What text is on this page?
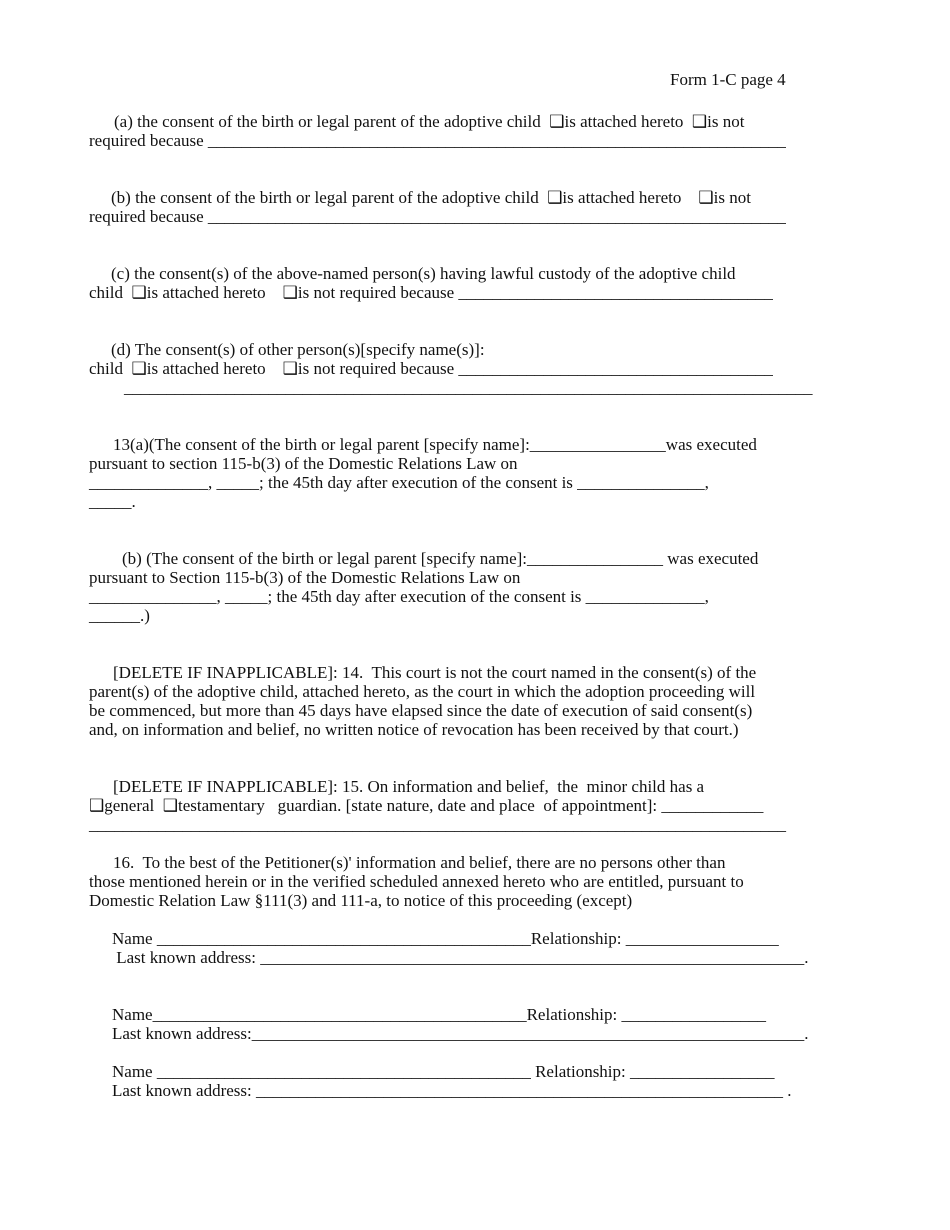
Form 1-C page 4
(a) the consent of the birth or legal parent of the adoptive child  ❑is attached hereto  ❑is not
required because ____________________________________________________________________
(b) the consent of the birth or legal parent of the adoptive child  ❑is attached hereto    ❑is not
required because ____________________________________________________________________
(c) the consent(s) of the above-named person(s) having lawful custody of the adoptive child
child  ❑is attached hereto    ❑is not required because _____________________________________
(d) The consent(s) of other person(s)[specify name(s)]:
child  ❑is attached hereto    ❑is not required because _____________________________________
_________________________________________________________________________________
13(a)(The consent of the birth or legal parent [specify name]:________________was executed
pursuant to section 115-b(3) of the Domestic Relations Law on
______________, _____; the 45th day after execution of the consent is _______________,
_____.
(b) (The consent of the birth or legal parent [specify name]:________________ was executed
pursuant to Section 115-b(3) of the Domestic Relations Law on
_______________, _____; the 45th day after execution of the consent is ______________,
______.)
[DELETE IF INAPPLICABLE]: 14.  This court is not the court named in the consent(s) of the
parent(s) of the adoptive child, attached hereto, as the court in which the adoption proceeding will
be commenced, but more than 45 days have elapsed since the date of execution of said consent(s)
and, on information and belief, no written notice of revocation has been received by that court.)
[DELETE IF INAPPLICABLE]: 15. On information and belief,  the  minor child has a
❑general  ❑testamentary   guardian. [state nature, date and place  of appointment]: ____________
__________________________________________________________________________________
16.  To the best of the Petitioner(s)' information and belief, there are no persons other than
those mentioned herein or in the verified scheduled annexed hereto who are entitled, pursuant to
Domestic Relation Law §111(3) and 111-a, to notice of this proceeding (except)
Name ____________________________________________Relationship: __________________
Last known address: ________________________________________________________________.
Name____________________________________________Relationship: _________________
Last known address:_________________________________________________________________.
Name ____________________________________________ Relationship: _________________
Last known address: ______________________________________________________________ .
